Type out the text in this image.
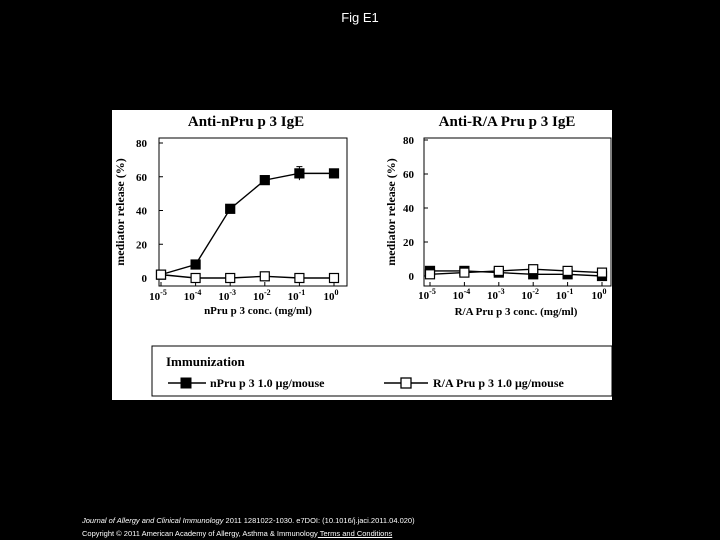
Fig E1
Anti-nPru p 3 IgE
mediator release (%)
nPru p 3 conc. (mg/ml)
0
20
40
60
80
$10^{-5}$ $10^{-4}$ $10^{-3}$ $10^{-2}$ $10^{-1}$ $10^0$
Anti-R/A Pru p 3 IgE
mediator release (%)
R/A Pru p 3 conc. (mg/ml)
0
20
40
60
80
$10^{-5}$ $10^{-4}$ $10^{-3}$ $10^{-2}$ $10^{-1}$ $10^0$
Immunization
nPru p 3 1.0 μg/mouse	R/A Pru p 3 1.0 μg/mouse
Journal of Allergy and Clinical Immunology 2011 1281022-1030. e7DOI: (10.1016/j.jaci.2011.04.020)
Copyright © 2011 American Academy of Allergy, Asthma & Immunology Terms and Conditions
